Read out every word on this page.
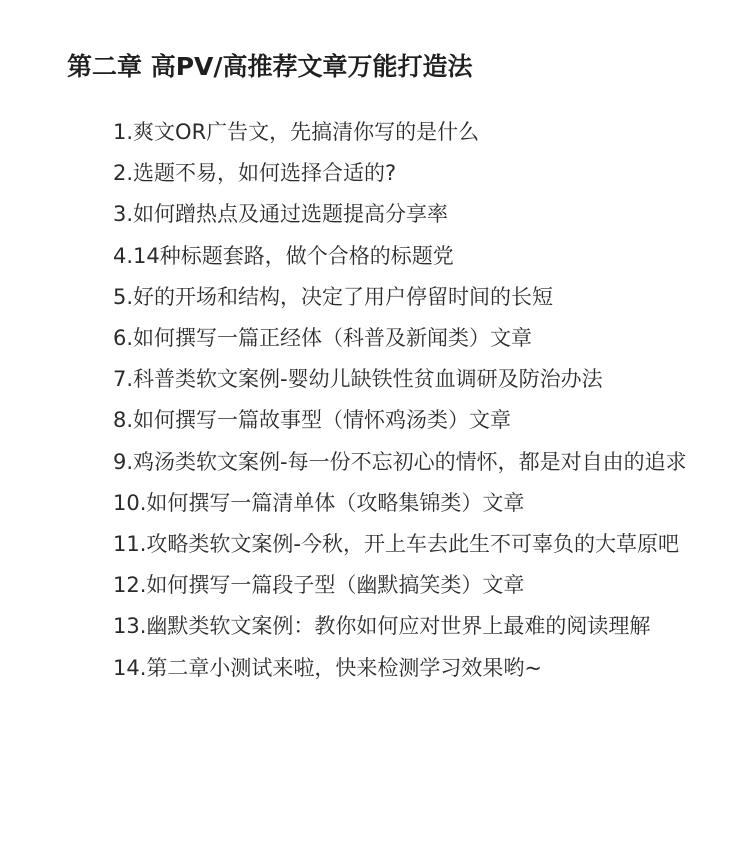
第二章 高PV/高推荐文章万能打造法
1.爽文OR广告文，先搞清你写的是什么
2.选题不易，如何选择合适的?
3.如何蹭热点及通过选题提高分享率
4.14种标题套路，做个合格的标题党
5.好的开场和结构，决定了用户停留时间的长短
6.如何撰写一篇正经体（科普及新闻类）文章
7.科普类软文案例-婴幼儿缺铁性贫血调研及防治办法
8.如何撰写一篇故事型（情怀鸡汤类）文章
9.鸡汤类软文案例-每一份不忘初心的情怀，都是对自由的追求
10.如何撰写一篇清单体（攻略集锦类）文章
11.攻略类软文案例-今秋，开上车去此生不可辜负的大草原吧
12.如何撰写一篇段子型（幽默搞笑类）文章
13.幽默类软文案例：教你如何应对世界上最难的阅读理解
14.第二章小测试来啦，快来检测学习效果哟~
